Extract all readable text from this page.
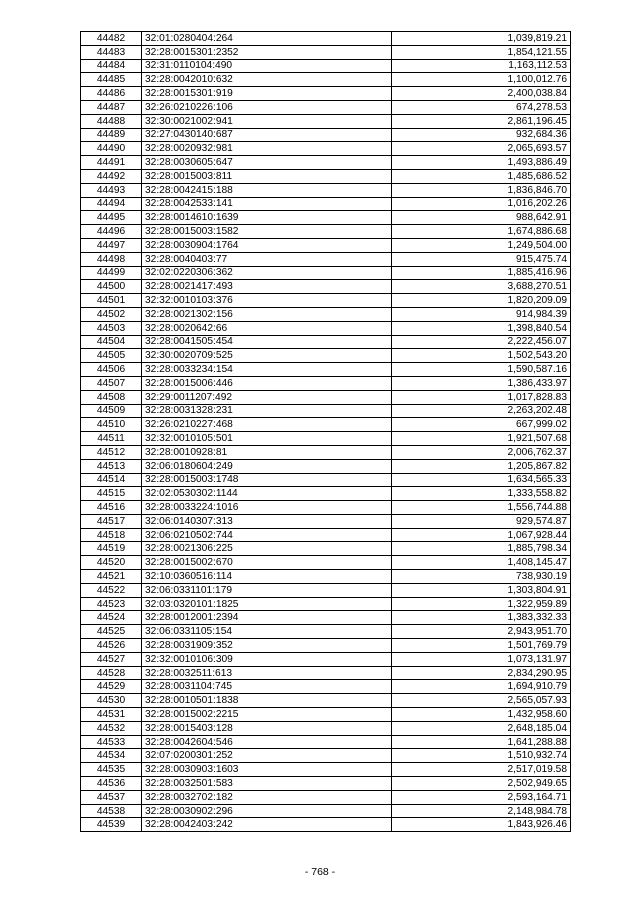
44482	32:01:0280404:264	1,039,819.21
44483	32:28:0015301:2352	1,854,121.55
44484	32:31:0110104:490	1,163,112.53
44485	32:28:0042010:632	1,100,012.76
44486	32:28:0015301:919	2,400,038.84
44487	32:26:0210226:106	674,278.53
44488	32:30:0021002:941	2,861,196.45
44489	32:27:0430140:687	932,684.36
44490	32:28:0020932:981	2,065,693.57
44491	32:28:0030605:647	1,493,886.49
44492	32:28:0015003:811	1,485,686.52
44493	32:28:0042415:188	1,836,846.70
44494	32:28:0042533:141	1,016,202.26
44495	32:28:0014610:1639	988,642.91
44496	32:28:0015003:1582	1,674,886.68
44497	32:28:0030904:1764	1,249,504.00
44498	32:28:0040403:77	915,475.74
44499	32:02:0220306:362	1,885,416.96
44500	32:28:0021417:493	3,688,270.51
44501	32:32:0010103:376	1,820,209.09
44502	32:28:0021302:156	914,984.39
44503	32:28:0020642:66	1,398,840.54
44504	32:28:0041505:454	2,222,456.07
44505	32:30:0020709:525	1,502,543.20
44506	32:28:0033234:154	1,590,587.16
44507	32:28:0015006:446	1,386,433.97
44508	32:29:0011207:492	1,017,828.83
44509	32:28:0031328:231	2,263,202.48
44510	32:26:0210227:468	667,999.02
44511	32:32:0010105:501	1,921,507.68
44512	32:28:0010928:81	2,006,762.37
44513	32:06:0180604:249	1,205,867.82
44514	32:28:0015003:1748	1,634,565.33
44515	32:02:0530302:1144	1,333,558.82
44516	32:28:0033224:1016	1,556,744.88
44517	32:06:0140307:313	929,574.87
44518	32:06:0210502:744	1,067,928.44
44519	32:28:0021306:225	1,885,798.34
44520	32:28:0015002:670	1,408,145.47
44521	32:10:0360516:114	738,930.19
44522	32:06:0331101:179	1,303,804.91
44523	32:03:0320101:1825	1,322,959.89
44524	32:28:0012001:2394	1,383,332.33
44525	32:06:0331105:154	2,943,951.70
44526	32:28:0031909:352	1,501,769.79
44527	32:32:0010106:309	1,073,131.97
44528	32:28:0032511:613	2,834,290.95
44529	32:28:0031104:745	1,694,910.79
44530	32:28:0010501:1838	2,565,057.93
44531	32:28:0015002:2215	1,432,958.60
44532	32:28:0015403:128	2,648,185.04
44533	32:28:0042604:546	1,641,288.88
44534	32:07:0200301:252	1,510,932.74
44535	32:28:0030903:1603	2,517,019.58
44536	32:28:0032501:583	2,502,949.65
44537	32:28:0032702:182	2,593,164.71
44538	32:28:0030902:296	2,148,984.78
44539	32:28:0042403:242	1,843,926.46
- 768 -
